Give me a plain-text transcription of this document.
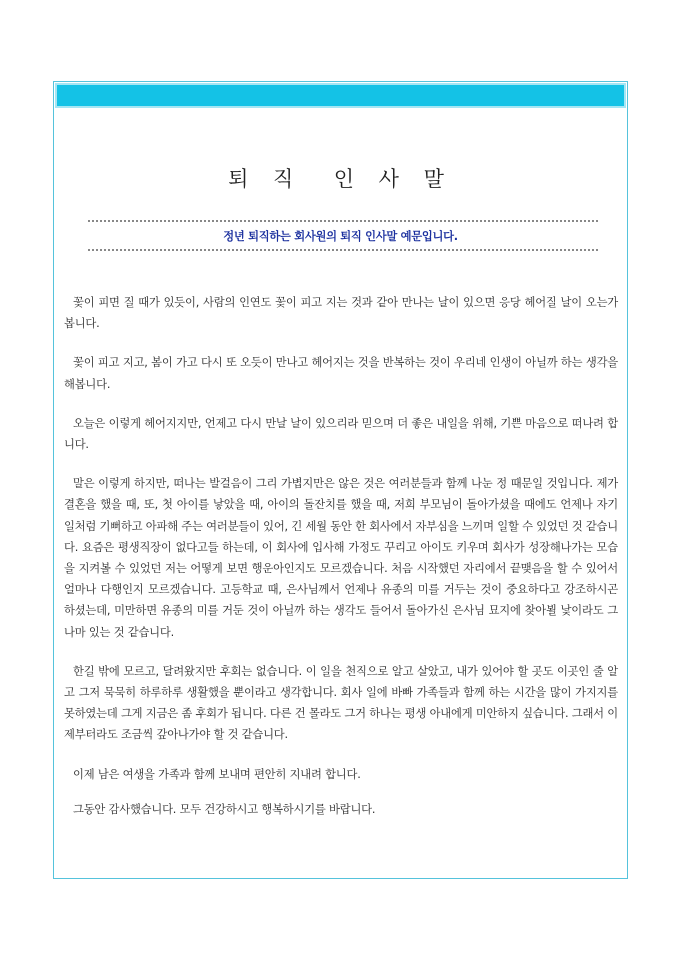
퇴 직  인 사 말
정년 퇴직하는 회사원의 퇴직 인사말 예문입니다.

꽃이 피면 질 때가 있듯이, 사람의 인연도 꽃이 피고 지는 것과 같아 만나는 날이 있으면 응당 헤어질 날이 오는가 봅니다.

꽃이 피고 지고, 봄이 가고 다시 또 오듯이 만나고 헤어지는 것을 반복하는 것이 우리네 인생이 아닐까 하는 생각을 해봅니다.

오늘은 이렇게 헤어지지만, 언제고 다시 만날 날이 있으리라 믿으며 더 좋은 내일을 위해, 기쁜 마음으로 떠나려 합니다.

말은 이렇게 하지만, 떠나는 발걸음이 그리 가볍지만은 않은 것은 여러분들과 함께 나눈 정 때문일 것입니다. 제가 결혼을 했을 때, 또, 첫 아이를 낳았을 때, 아이의 돌잔치를 했을 때, 저희 부모님이 돌아가셨을 때에도 언제나 자기 일처럼 기뻐하고 아파해 주는 여러분들이 있어, 긴 세월 동안 한 회사에서 자부심을 느끼며 일할 수 있었던 것 같습니다. 요즘은 평생직장이 없다고들 하는데, 이 회사에 입사해 가정도 꾸리고 아이도 키우며 회사가 성장해나가는 모습을 지켜볼 수 있었던 저는 어떻게 보면 행운아인지도 모르겠습니다. 처음 시작했던 자리에서 끝맺음을 할 수 있어서 얼마나 다행인지 모르겠습니다. 고등학교 때, 은사님께서 언제나 유종의 미를 거두는 것이 중요하다고 강조하시곤 하셨는데, 미만하면 유종의 미를 거둔 것이 아닐까 하는 생각도 들어서 돌아가신 은사님 묘지에 찾아뵐 낯이라도 그나마 있는 것 같습니다.

한길 밖에 모르고, 달려왔지만 후회는 없습니다. 이 일을 천직으로 알고 살았고, 내가 있어야 할 곳도 이곳인 줄 알고 그저 묵묵히 하루하루 생활했을 뿐이라고 생각합니다. 회사 일에 바빠 가족들과 함께 하는 시간을 많이 가지지를 못하였는데 그게 지금은 좀 후회가 됩니다. 다른 건 몰라도 그거 하나는 평생 아내에게 미안하지 싶습니다. 그래서 이제부터라도 조금씩 갚아나가야 할 것 같습니다.

이제 남은 여생을 가족과 함께 보내며 편안히 지내려 합니다.

그동안 감사했습니다. 모두 건강하시고 행복하시기를 바랍니다.
